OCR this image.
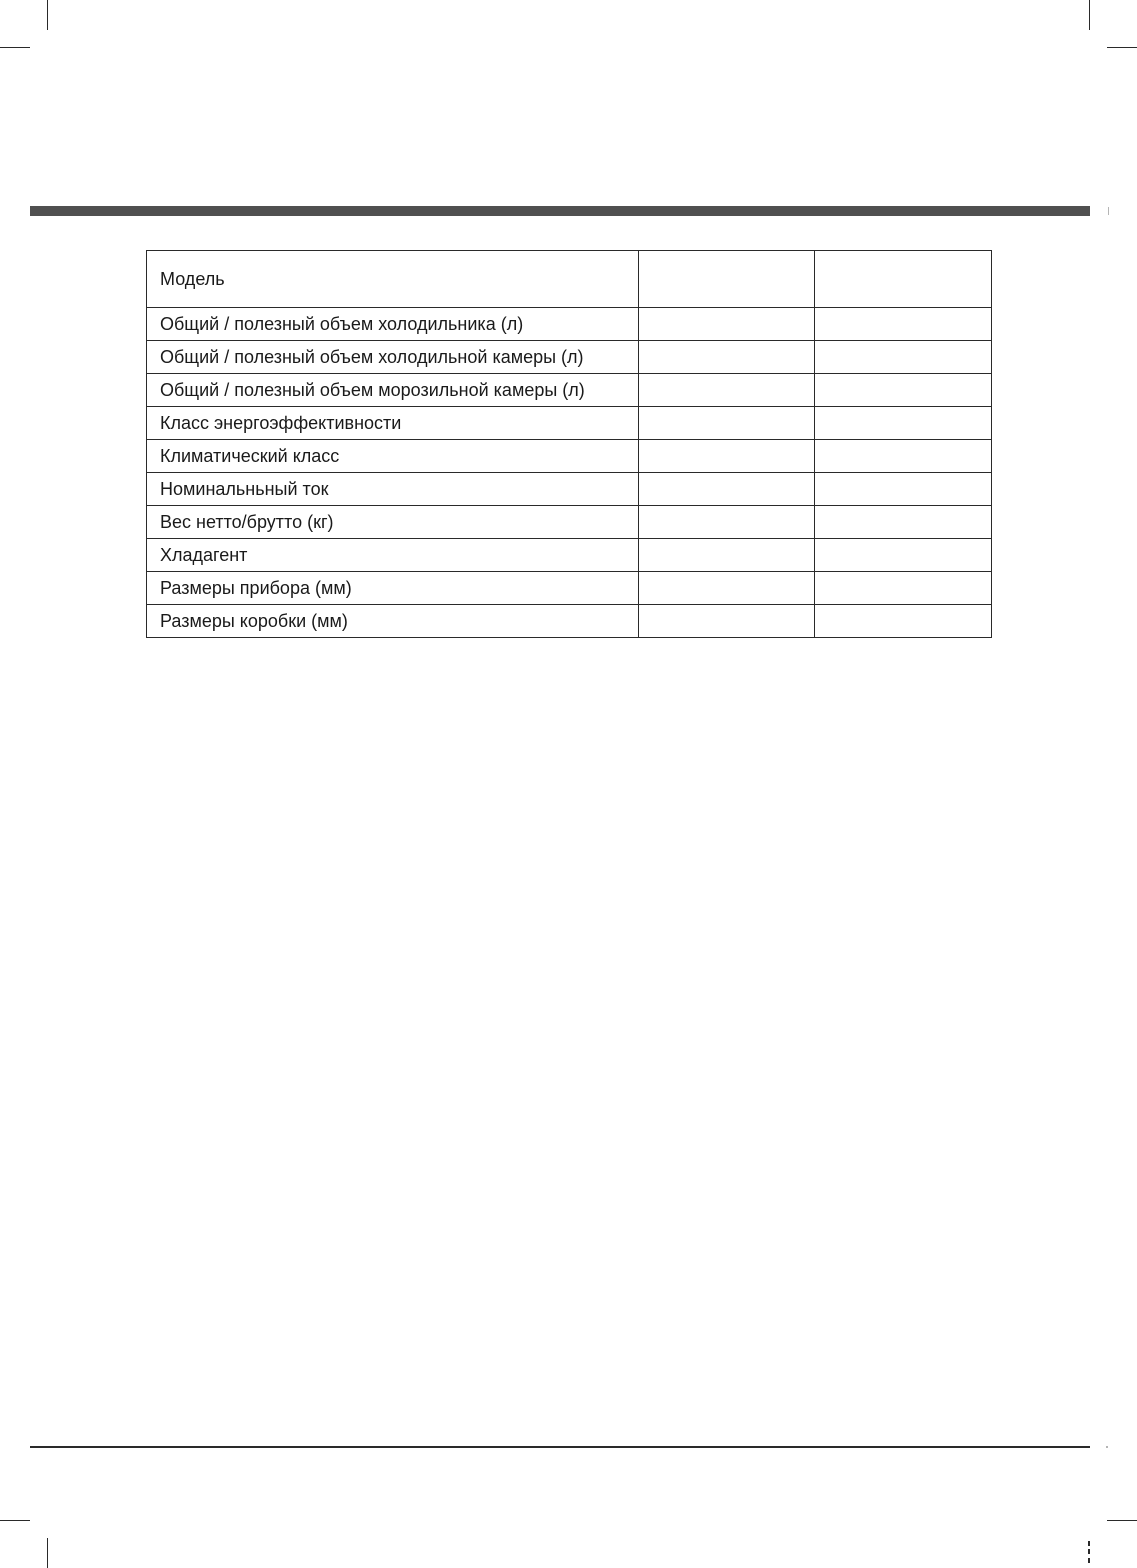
Модель		
Общий / полезный объем холодильника (л)		
Общий / полезный объем холодильной камеры (л)		
Общий / полезный объем морозильной камеры (л)		
Класс энергоэффективности		
Климатический класс		
Номинальньный ток		
Вес нетто/брутто (кг)		
Хладагент		
Размеры прибора (мм)		
Размеры коробки (мм)		
